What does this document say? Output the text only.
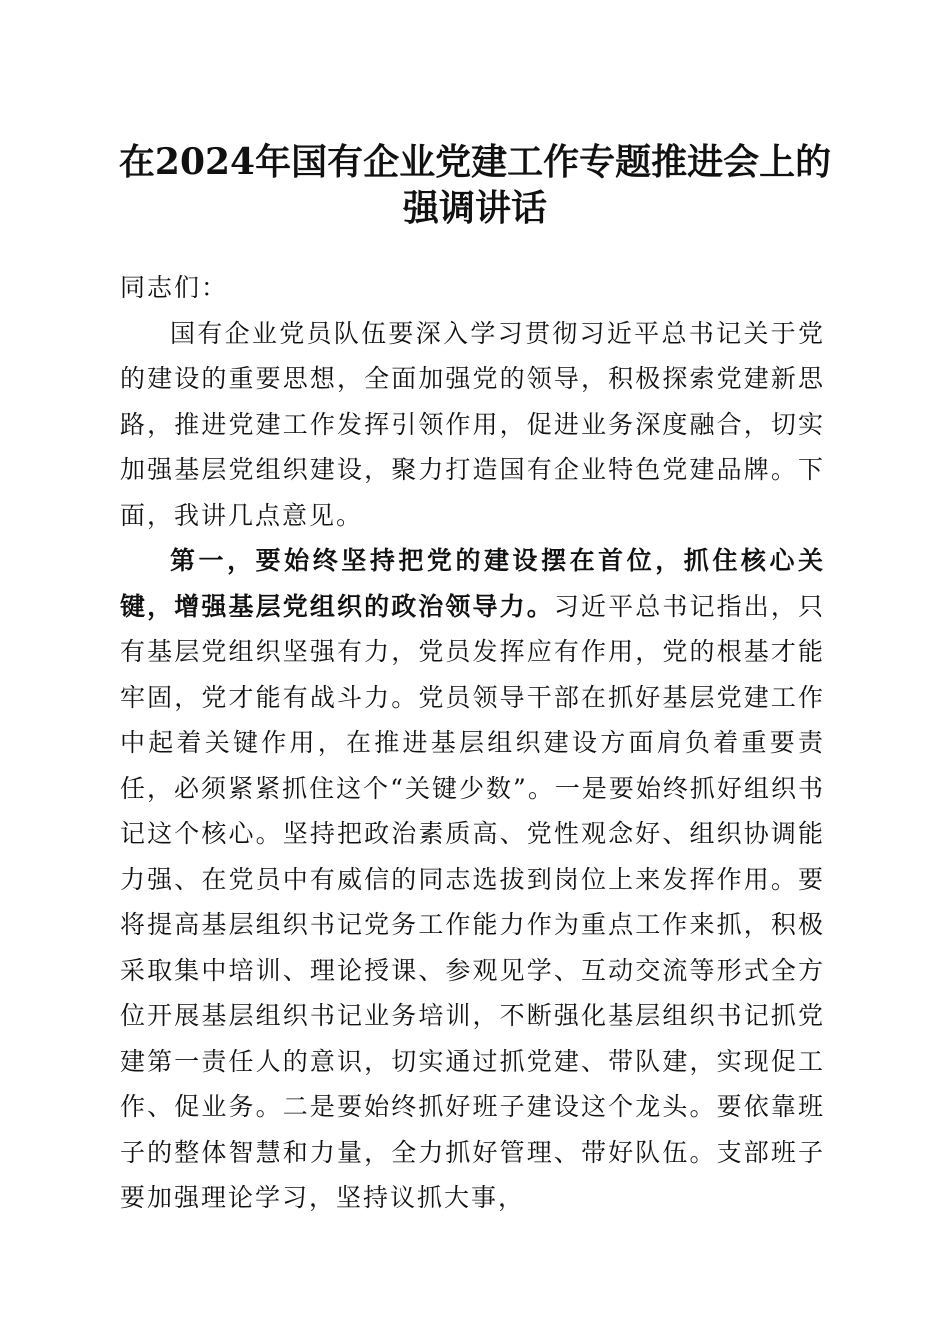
在2024年国有企业党建工作专题推进会上的
强调讲话

同志们：

国有企业党员队伍要深入学习贯彻习近平总书记关于党的建设的重要思想，全面加强党的领导，积极探索党建新思路，推进党建工作发挥引领作用，促进业务深度融合，切实加强基层党组织建设，聚力打造国有企业特色党建品牌。下面，我讲几点意见。

第一，要始终坚持把党的建设摆在首位，抓住核心关键，增强基层党组织的政治领导力。习近平总书记指出，只有基层党组织坚强有力，党员发挥应有作用，党的根基才能牢固，党才能有战斗力。党员领导干部在抓好基层党建工作中起着关键作用，在推进基层组织建设方面肩负着重要责任，必须紧紧抓住这个“关键少数”。一是要始终抓好组织书记这个核心。坚持把政治素质高、党性观念好、组织协调能力强、在党员中有威信的同志选拔到岗位上来发挥作用。要将提高基层组织书记党务工作能力作为重点工作来抓，积极采取集中培训、理论授课、参观见学、互动交流等形式全方位开展基层组织书记业务培训，不断强化基层组织书记抓党建第一责任人的意识，切实通过抓党建、带队建，实现促工作、促业务。二是要始终抓好班子建设这个龙头。要依靠班子的整体智慧和力量，全力抓好管理、带好队伍。支部班子要加强理论学习，坚持议抓大事，
